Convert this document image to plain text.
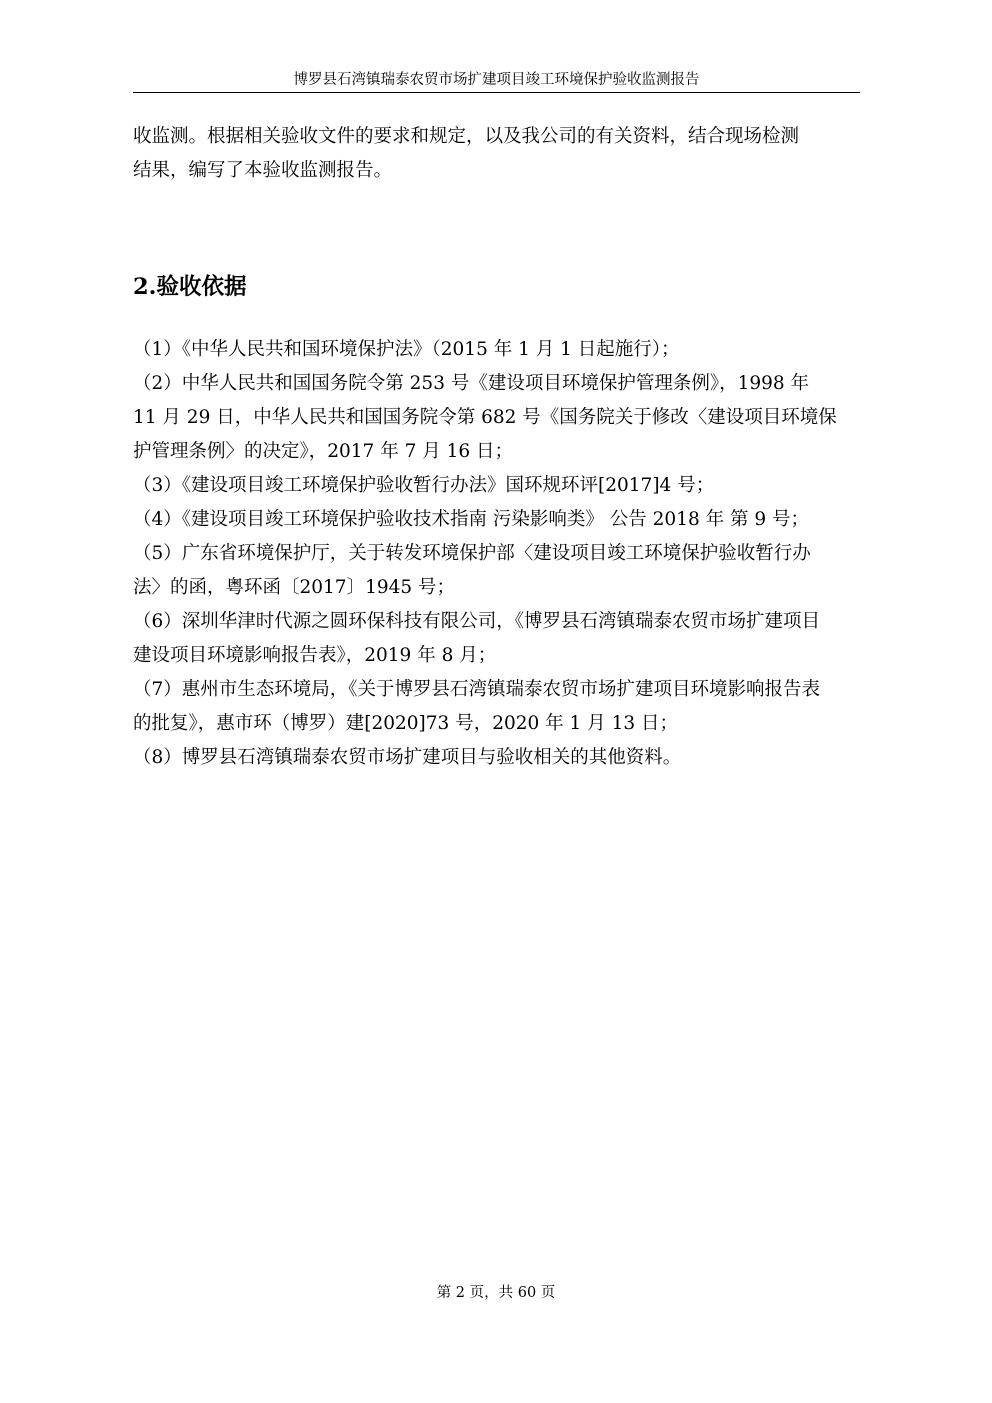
博罗县石湾镇瑞泰农贸市场扩建项目竣工环境保护验收监测报告

收监测。根据相关验收文件的要求和规定，以及我公司的有关资料，结合现场检测

结果，编写了本验收监测报告。

2.验收依据
（1）《中华人民共和国环境保护法》（2015 年 1 月 1 日起施行）；
（2）中华人民共和国国务院令第 253 号《建设项目环境保护管理条例》，1998 年
11 月 29 日，中华人民共和国国务院令第 682 号《国务院关于修改〈建设项目环境保
护管理条例〉的决定》，2017 年 7 月 16 日；
（3）《建设项目竣工环境保护验收暂行办法》国环规环评[2017]4 号；
（4）《建设项目竣工环境保护验收技术指南 污染影响类》 公告 2018 年 第 9 号；
（5）广东省环境保护厅，关于转发环境保护部〈建设项目竣工环境保护验收暂行办
法〉的函，粤环函〔2017〕1945 号；
（6）深圳华津时代源之圆环保科技有限公司，《博罗县石湾镇瑞泰农贸市场扩建项目
建设项目环境影响报告表》，2019 年 8 月；
（7）惠州市生态环境局，《关于博罗县石湾镇瑞泰农贸市场扩建项目环境影响报告表
的批复》，惠市环（博罗）建[2020]73 号，2020 年 1 月 13 日；
（8）博罗县石湾镇瑞泰农贸市场扩建项目与验收相关的其他资料。
第 2 页，共 60 页
